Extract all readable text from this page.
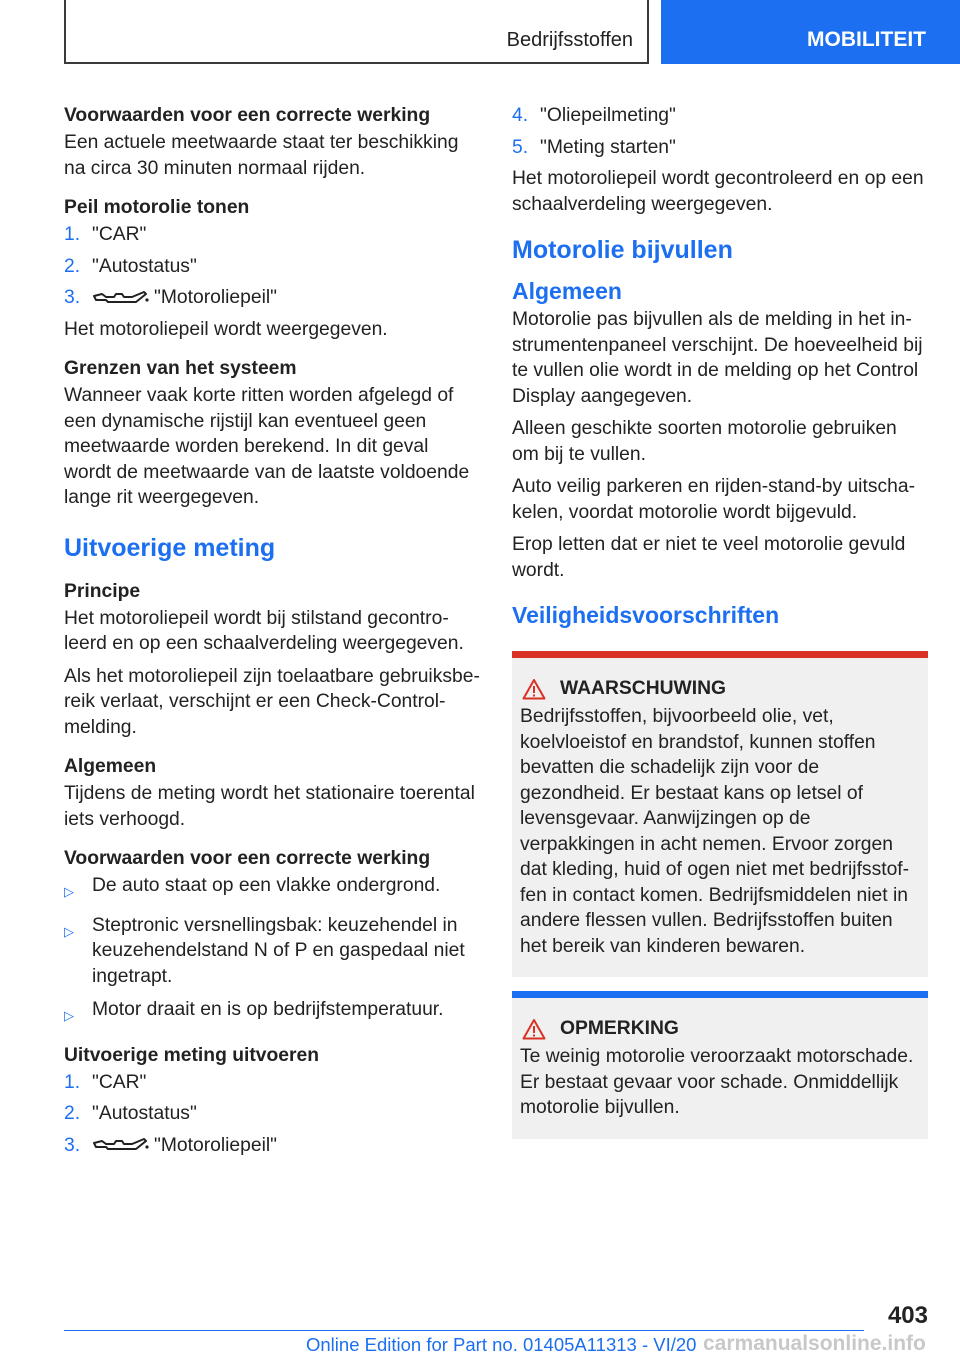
Bedrijfsstoffen	MOBILITEIT
Voorwaarden voor een correcte werking

Een actuele meetwaarde staat ter beschikking na circa 30 minuten normaal rijden.

Peil motorolie tonen
1. "CAR"
2. "Autostatus"
3.	"Motoroliepeil"

Het motoroliepeil wordt weergegeven.

Grenzen van het systeem

Wanneer vaak korte ritten worden afgelegd of een dynamische rijstijl kan eventueel geen meetwaarde worden berekend. In dit geval wordt de meetwaarde van de laatste voldoende lange rit weergegeven.

Uitvoerige meting
Principe

Het motoroliepeil wordt bij stilstand gecontroleerd en op een schaalverdeling weergegeven.

Als het motoroliepeil zijn toelaatbare gebruiksbereik verlaat, verschijnt er een Check-Control-melding.

Algemeen

Tijdens de meting wordt het stationaire toerental iets verhoogd.

Voorwaarden voor een correcte werking
▷ De auto staat op een vlakke ondergrond.
▷ Steptronic versnellingsbak: keuzehendel in keuzehendelstand N of P en gaspedaal niet ingetrapt.
▷ Motor draait en is op bedrijfstemperatuur.
Uitvoerige meting uitvoeren
1. "CAR"
2. "Autostatus"
3.	"Motoroliepeil"
4. "Oliepeilmeting"
5. "Meting starten"

Het motoroliepeil wordt gecontroleerd en op een schaalverdeling weergegeven.

Motorolie bijvullen
Algemeen

Motorolie pas bijvullen als de melding in het instrumentenpaneel verschijnt. De hoeveelheid bij te vullen olie wordt in de melding op het Control Display aangegeven.

Alleen geschikte soorten motorolie gebruiken om bij te vullen.

Auto veilig parkeren en rijden-stand-by uitschakelen, voordat motorolie wordt bijgevuld.

Erop letten dat er niet te veel motorolie gevuld wordt.

Veiligheidsvoorschriften
WAARSCHUWING

Bedrijfsstoffen, bijvoorbeeld olie, vet, koelvloeistof en brandstof, kunnen stoffen bevatten die schadelijk zijn voor de gezondheid. Er bestaat kans op letsel of levensgevaar. Aanwijzingen op de verpakkingen in acht nemen. Ervoor zorgen dat kleding, huid of ogen niet met bedrijfsstoffen in contact komen. Bedrijfsmiddelen niet in andere flessen vullen. Bedrijfsstoffen buiten het bereik van kinderen bewaren.

OPMERKING

Te weinig motorolie veroorzaakt motorschade. Er bestaat gevaar voor schade. Onmiddellijk motorolie bijvullen.

403
Online Edition for Part no. 01405A11313 - VI/20 carmanualsonline.info
